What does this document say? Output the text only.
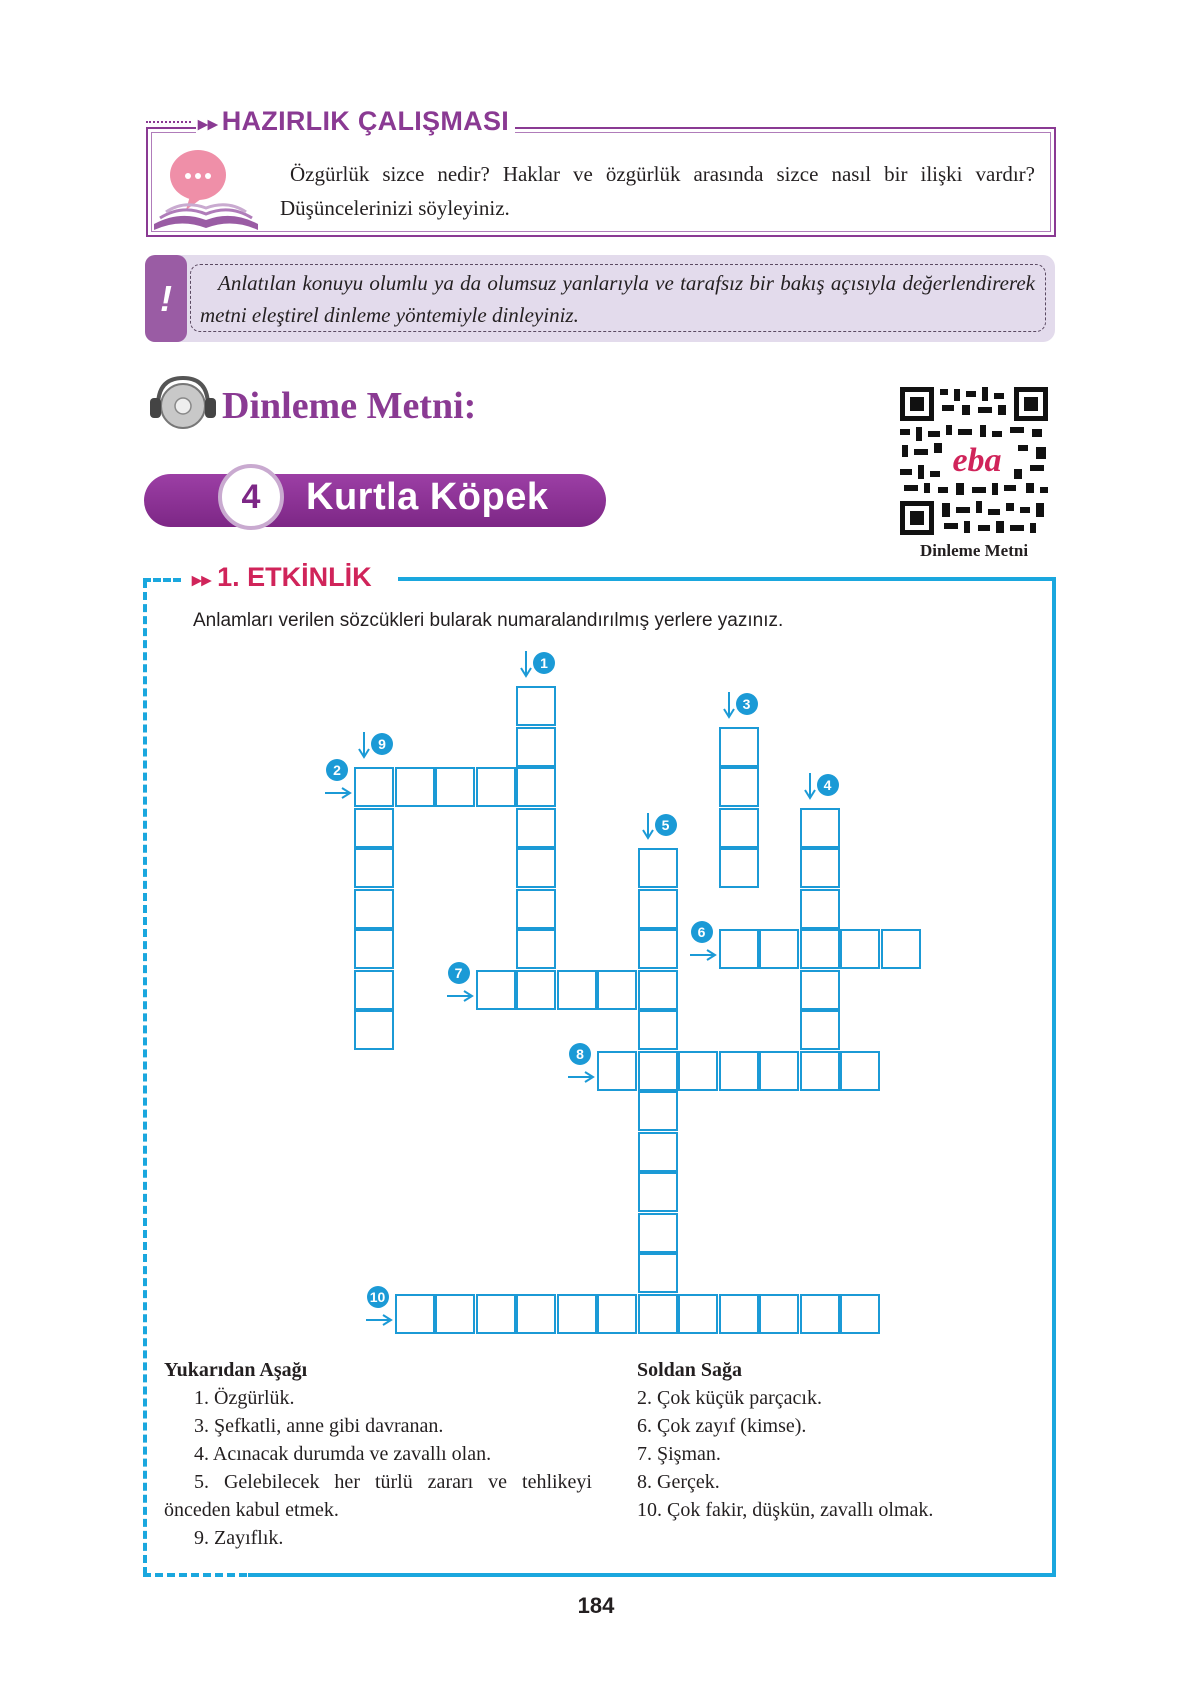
▸▸ HAZIRLIK ÇALIŞMASI
Özgürlük sizce nedir? Haklar ve özgürlük arasında sizce nasıl bir ilişki vardır? Düşüncelerinizi söyleyiniz.
!	Anlatılan konuyu olumlu ya da olumsuz yanlarıyla ve tarafsız bir bakış açısıyla değerlendirerek metni eleştirel dinleme yöntemiyle dinleyiniz.
Dinleme Metni:
eba
Dinleme Metni
4	Kurtla Köpek
▸▸ 1. ETKİNLİK
Anlamları verilen sözcükleri bularak numaralandırılmış yerlere yazınız.
1
3
4
5
9
2
6
7
8
10
Yukarıdan Aşağı
1. Özgürlük.
3. Şefkatli, anne gibi davranan.
4. Acınacak durumda ve zavallı olan.
5. Gelebilecek her türlü zararı ve tehlikeyi önceden kabul etmek.
9. Zayıflık.
Soldan Sağa
2. Çok küçük parçacık.
6. Çok zayıf (kimse).
7. Şişman.
8. Gerçek.
10. Çok fakir, düşkün, zavallı olmak.
184
